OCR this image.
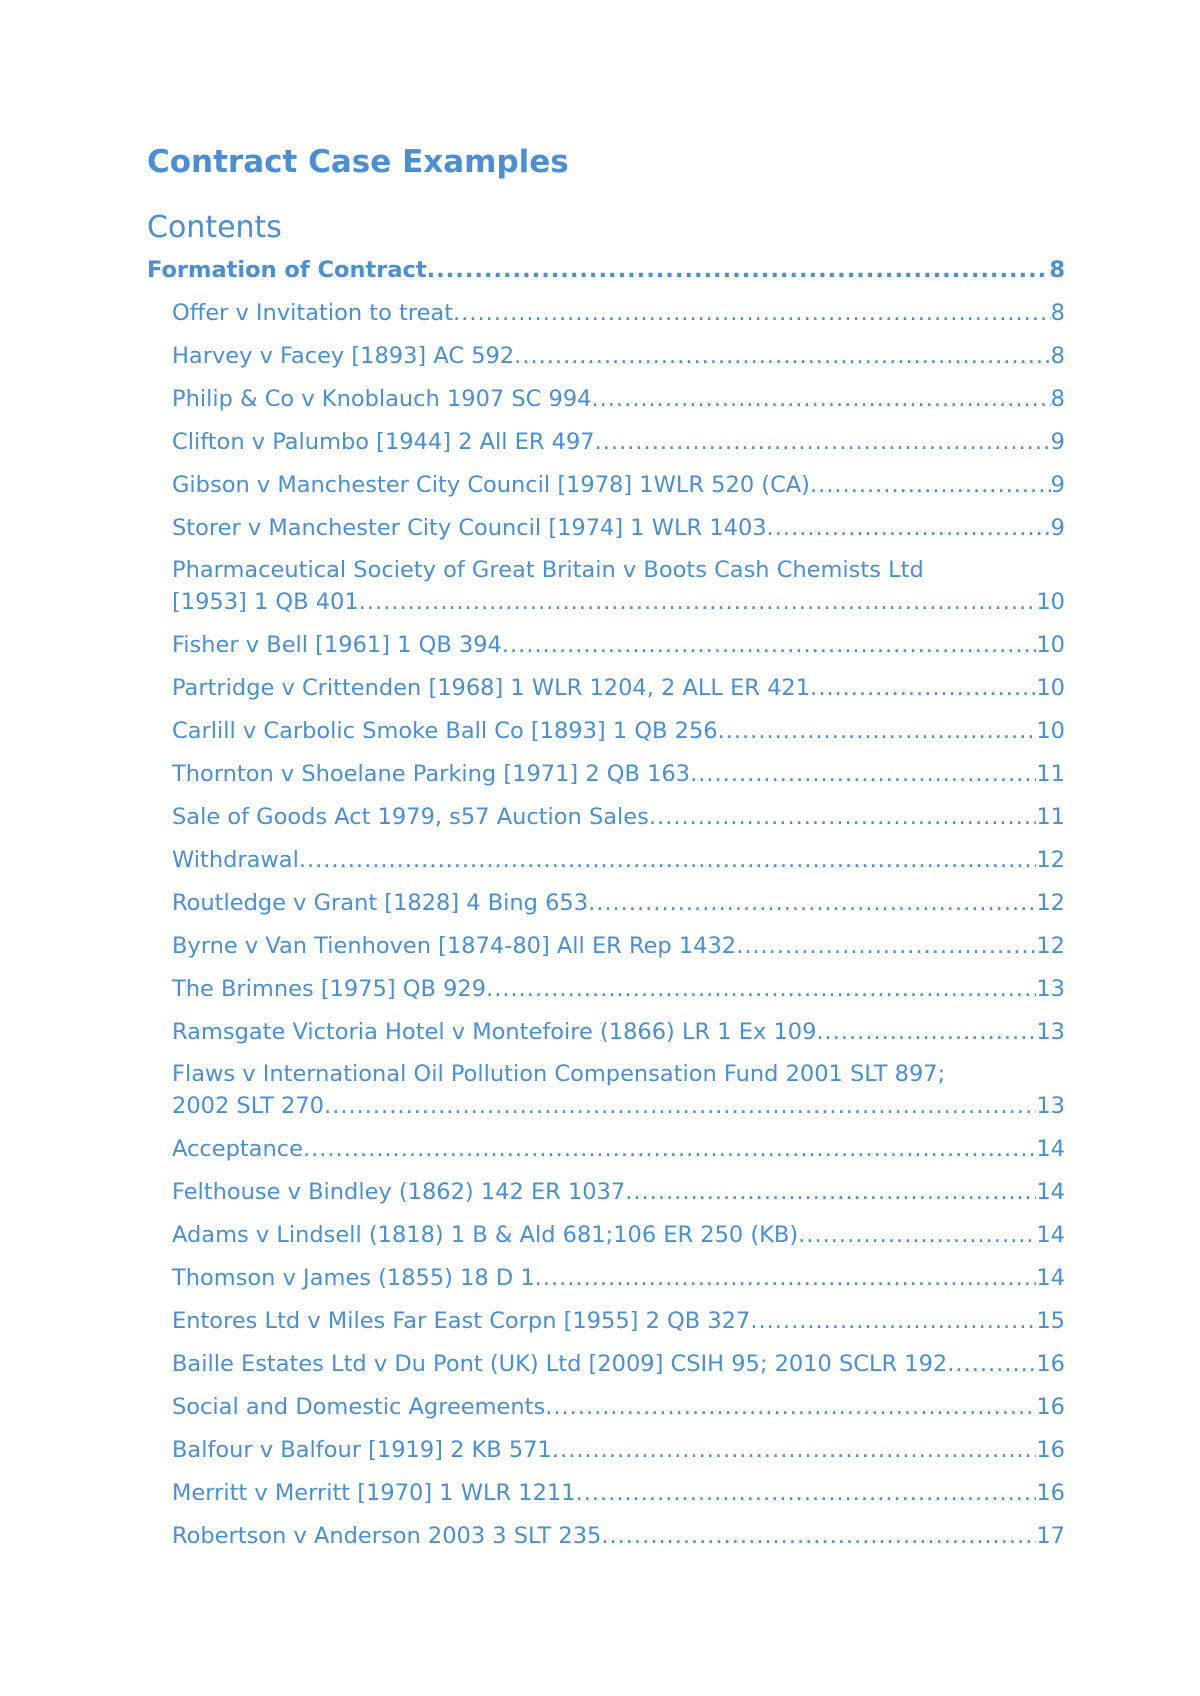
Contract Case Examples
Contents
Formation of Contract .....	8
Offer v Invitation to treat .....	8
Harvey v Facey [1893] AC 592 .....	8
Philip & Co v Knoblauch 1907 SC 994 .....	8
Clifton v Palumbo [1944] 2 All ER 497 .....	9
Gibson v Manchester City Council [1978] 1WLR 520 (CA) .....	9
Storer v Manchester City Council [1974] 1 WLR 1403 .....	9
Pharmaceutical Society of Great Britain v Boots Cash Chemists Ltd
[1953] 1 QB 401 .....	10
Fisher v Bell [1961] 1 QB 394 .....	10
Partridge v Crittenden [1968] 1 WLR 1204, 2 ALL ER 421 .....	10
Carlill v Carbolic Smoke Ball Co [1893] 1 QB 256 .....	10
Thornton v Shoelane Parking [1971] 2 QB 163 .....	11
Sale of Goods Act 1979, s57 Auction Sales .....	11
Withdrawal .....	12
Routledge v Grant [1828] 4 Bing 653 .....	12
Byrne v Van Tienhoven [1874-80] All ER Rep 1432 .....	12
The Brimnes [1975] QB 929 .....	13
Ramsgate Victoria Hotel v Montefoire (1866) LR 1 Ex 109 .....	13
Flaws v International Oil Pollution Compensation Fund 2001 SLT 897;
2002 SLT 270 .....	13
Acceptance .....	14
Felthouse v Bindley (1862) 142 ER 1037 .....	14
Adams v Lindsell (1818) 1 B & Ald 681;106 ER 250 (KB) .....	14
Thomson v James (1855) 18 D 1 .....	14
Entores Ltd v Miles Far East Corpn [1955] 2 QB 327 .....	15
Baille Estates Ltd v Du Pont (UK) Ltd [2009] CSIH 95; 2010 SCLR 192 .....	16
Social and Domestic Agreements .....	16
Balfour v Balfour [1919] 2 KB 571 .....	16
Merritt v Merritt [1970] 1 WLR 1211 .....	16
Robertson v Anderson 2003 3 SLT 235 .....	17
